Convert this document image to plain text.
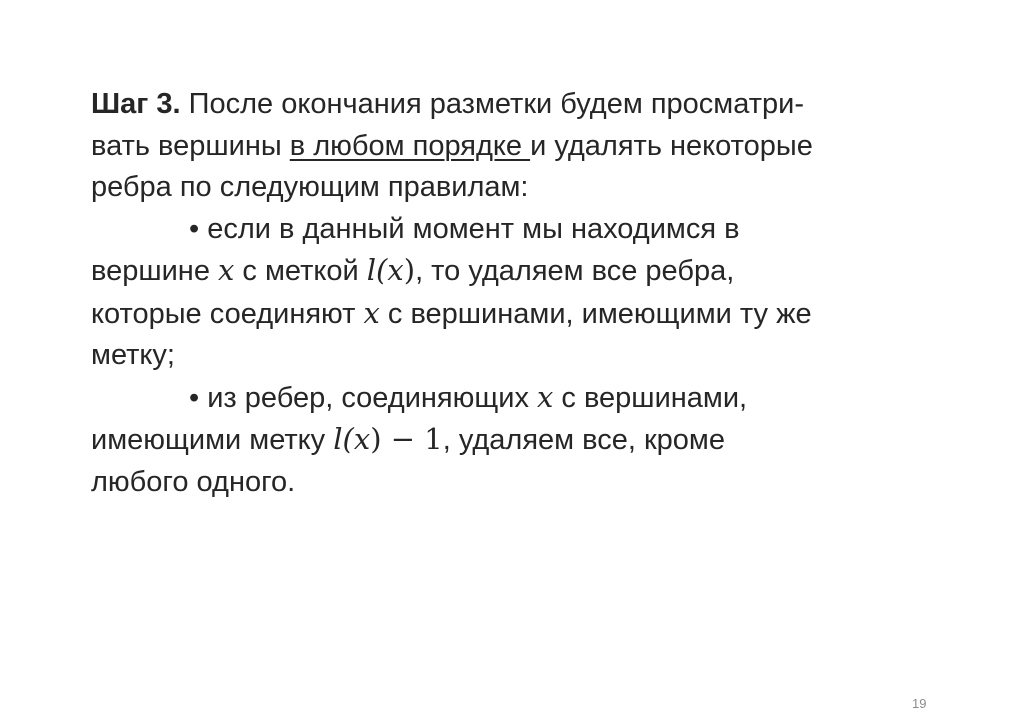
Шаг 3. После окончания разметки будем просматри-
вать вершины в любом порядке и удалять некоторые
ребра по следующим правилам:
• если в данный момент мы находимся в
вершине x с меткой l(x), то удаляем все ребра,
которые соединяют x с вершинами, имеющими ту же
метку;
• из ребер, соединяющих x с вершинами,
имеющими метку l(x) − 1, удаляем все, кроме
любого одного.
19
